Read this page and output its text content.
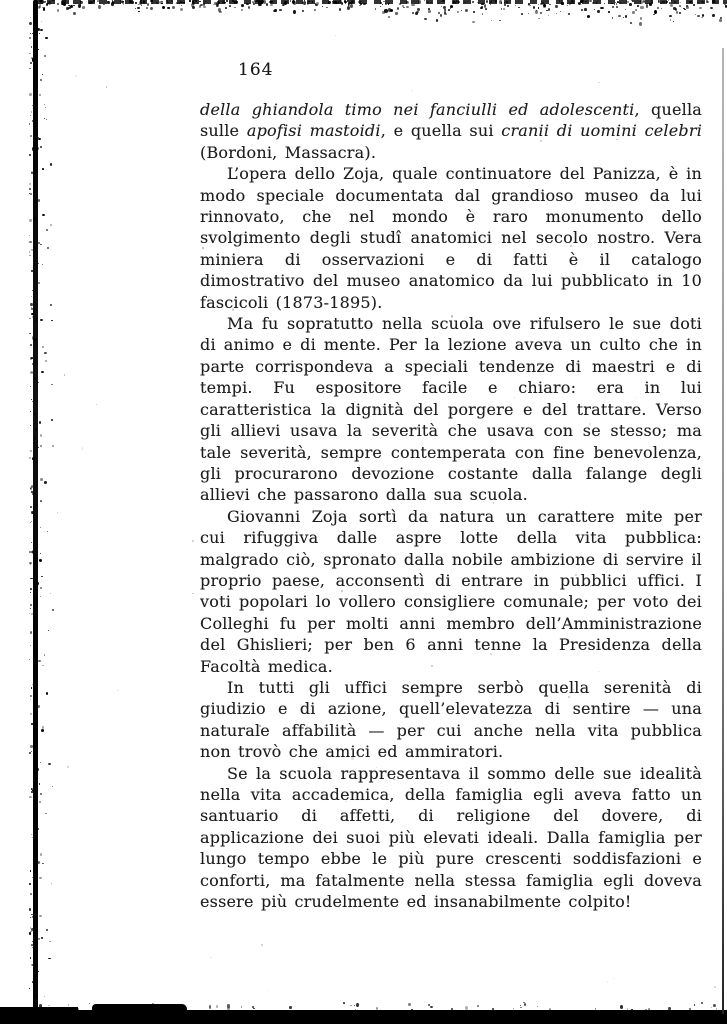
164

della ghiandola timo nei fanciulli ed adolescenti, quella sulle apofisi mastoidi, e quella sui cranii di uomini celebri (Bordoni, Massacra).

L’opera dello Zoja, quale continuatore del Panizza, è in modo speciale documentata dal grandioso museo da lui rinnovato, che nel mondo è raro monumento dello svolgimento degli studî anatomici nel secolo nostro. Vera miniera di osservazioni e di fatti è il catalogo dimostrativo del museo anatomico da lui pubblicato in 10 fascicoli (1873-1895).

Ma fu sopratutto nella scuola ove rifulsero le sue doti di animo e di mente. Per la lezione aveva un culto che in parte corrispondeva a speciali tendenze di maestri e di tempi. Fu espositore facile e chiaro: era in lui caratteristica la dignità del porgere e del trattare. Verso gli allievi usava la severità che usava con se stesso; ma tale severità, sempre contemperata con fine benevolenza, gli procurarono devozione costante dalla falange degli allievi che passarono dalla sua scuola.

Giovanni Zoja sortì da natura un carattere mite per cui rifuggiva dalle aspre lotte della vita pubblica: malgrado ciò, spronato dalla nobile ambizione di servire il proprio paese, acconsentì di entrare in pubblici uffici. I voti popolari lo vollero consigliere comunale; per voto dei Colleghi fu per molti anni membro dell’Amministrazione del Ghislieri; per ben 6 anni tenne la Presidenza della Facoltà medica.

In tutti gli uffici sempre serbò quella serenità di giudizio e di azione, quell’elevatezza di sentire — una naturale affabilità — per cui anche nella vita pubblica non trovò che amici ed ammiratori.

Se la scuola rappresentava il sommo delle sue idealità nella vita accademica, della famiglia egli aveva fatto un santuario di affetti, di religione del dovere, di applicazione dei suoi più elevati ideali. Dalla famiglia per lungo tempo ebbe le più pure crescenti soddisfazioni e conforti, ma fatalmente nella stessa famiglia egli doveva essere più crudelmente ed insanabilmente colpito!
